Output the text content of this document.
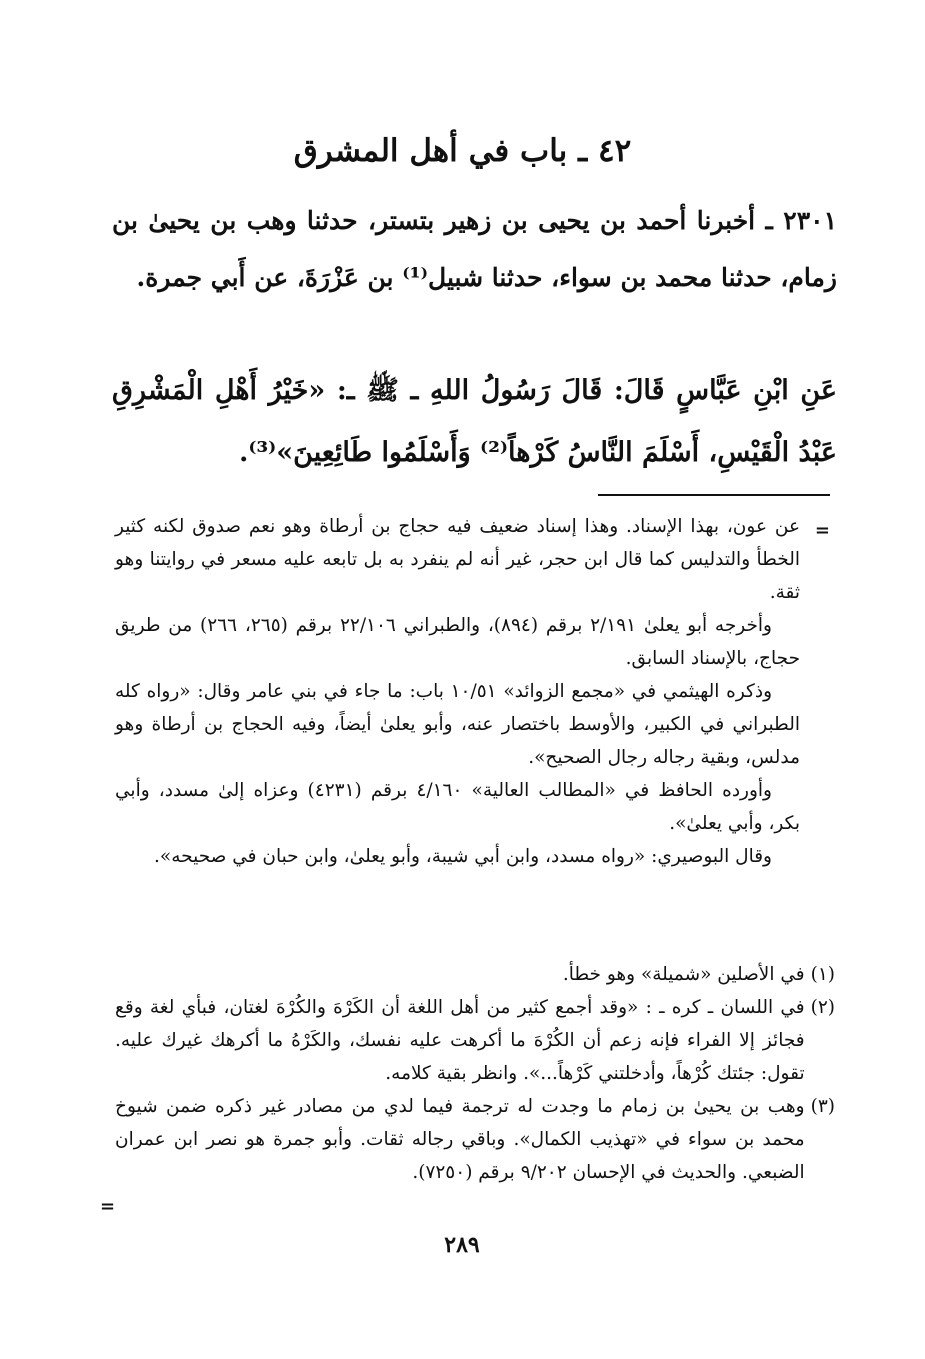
٤٢ ـ باب في أهل المشرق
٢٣٠١ ـ أخبرنا أحمد بن يحيى بن زهير بتستر، حدثنا وهب بن يحيىٰ بن زمام، حدثنا محمد بن سواء، حدثنا شبيل⁽¹⁾ بن عَزْرَةَ، عن أَبي جمرة.
عَنِ ابْنِ عَبَّاسٍ قَالَ: قَالَ رَسُولُ اللهِ ـ ﷺ ـ: «خَيْرُ أَهْلِ الْمَشْرِقِ عَبْدُ الْقَيْسِ، أَسْلَمَ النَّاسُ كَرْهاً⁽²⁾ وَأَسْلَمُوا طَائِعِينَ»⁽³⁾.
=

عن عون، بهذا الإسناد. وهذا إسناد ضعيف فيه حجاج بن أرطاة وهو نعم صدوق لكنه كثير الخطأ والتدليس كما قال ابن حجر، غير أنه لم ينفرد به بل تابعه عليه مسعر في روايتنا وهو ثقة.

وأخرجه أبو يعلىٰ ٢/١٩١ برقم (٨٩٤)، والطبراني ٢٢/١٠٦ برقم (٢٦٥، ٢٦٦) من طريق حجاج، بالإسناد السابق.

وذكره الهيثمي في «مجمع الزوائد» ١٠/٥١ باب: ما جاء في بني عامر وقال: «رواه كله الطبراني في الكبير، والأوسط باختصار عنه، وأبو يعلىٰ أيضاً، وفيه الحجاج بن أرطاة وهو مدلس، وبقية رجاله رجال الصحيح».

وأورده الحافظ في «المطالب العالية» ٤/١٦٠ برقم (٤٢٣١) وعزاه إلىٰ مسدد، وأبي بكر، وأبي يعلىٰ».

وقال البوصيري: «رواه مسدد، وابن أبي شيبة، وأبو يعلىٰ، وابن حبان في صحيحه».

(١)
في الأصلين «شميلة» وهو خطأ.
(٢)
في اللسان ـ كره ـ : «وقد أجمع كثير من أهل اللغة أن الكَرْهَ والكُرْهَ لغتان، فبأي لغة وقع فجائز إلا الفراء فإنه زعم أن الكُرْهَ ما أكرهت عليه نفسك، والكَرْهُ ما أكرهك غيرك عليه. تقول: جئتك كُرْهاً، وأدخلتني كَرْهاً...». وانظر بقية كلامه.
(٣)
وهب بن يحيىٰ بن زمام ما وجدت له ترجمة فيما لدي من مصادر غير ذكره ضمن شيوخ محمد بن سواء في «تهذيب الكمال». وباقي رجاله ثقات. وأبو جمرة هو نصر ابن عمران الضبعي. والحديث في الإحسان ٩/٢٠٢ برقم (٧٢٥٠).
=
٢٨٩
